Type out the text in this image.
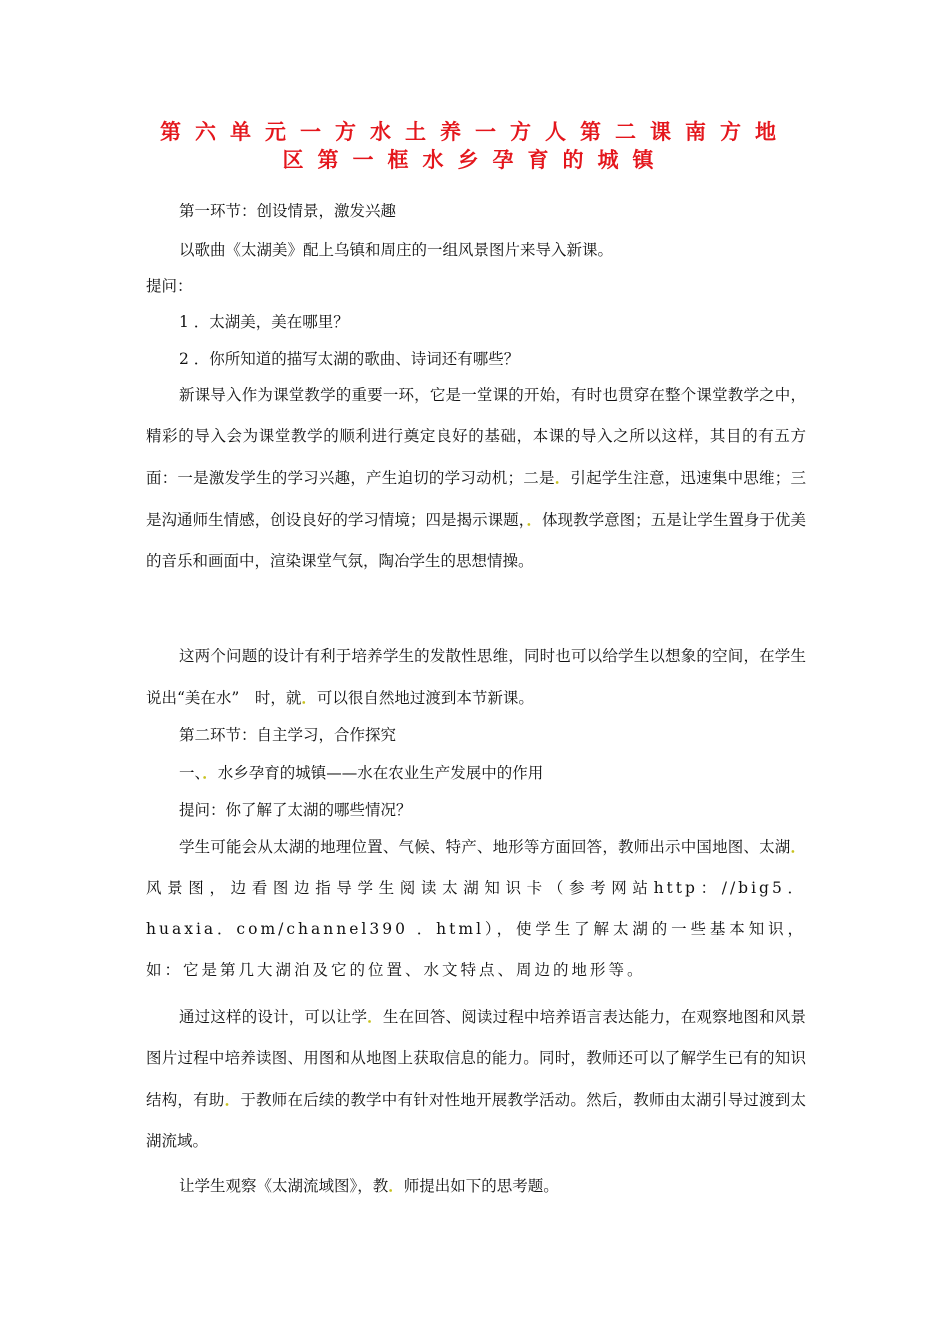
第六单元一方水土养一方人第二课南方地
区第一框水乡孕育的城镇
第一环节：创设情景，激发兴趣
以歌曲《太湖美》配上乌镇和周庄的一组风景图片来导入新课。
提问：
1 ．太湖美，美在哪里？
2 ．你所知道的描写太湖的歌曲、诗词还有哪些？
新课导入作为课堂教学的重要一环，它是一堂课的开始，有时也贯穿在整个课堂教学之中，精彩的导入会为课堂教学的顺利进行奠定良好的基础，本课的导入之所以这样，其目的有五方面：一是激发学生的学习兴趣，产生迫切的学习动机；二是．引起学生注意，迅速集中思维；三是沟通师生情感，创设良好的学习情境；四是揭示课题，．体现教学意图；五是让学生置身于优美的音乐和画面中，渲染课堂气氛，陶冶学生的思想情操。
这两个问题的设计有利于培养学生的发散性思维，同时也可以给学生以想象的空间，在学生说出“美在水”　时，就．可以很自然地过渡到本节新课。
第二环节：自主学习，合作探究
一、．水乡孕育的城镇——水在农业生产发展中的作用
提问：你了解了太湖的哪些情况？
学生可能会从太湖的地理位置、气候、特产、地形等方面回答，教师出示中国地图、太湖．风景图，边看图边指导学生阅读太湖知识卡（参考网站http：//big5．huaxia．com/channel390 ．html），使学生了解太湖的一些基本知识，如：它是第几大湖泊及它的位置、水文特点、周边的地形等。
通过这样的设计，可以让学．生在回答、阅读过程中培养语言表达能力，在观察地图和风景图片过程中培养读图、用图和从地图上获取信息的能力。同时，教师还可以了解学生已有的知识结构，有助．于教师在后续的教学中有针对性地开展教学活动。然后，教师由太湖引导过渡到太湖流域。
让学生观察《太湖流域图》，教．师提出如下的思考题。
